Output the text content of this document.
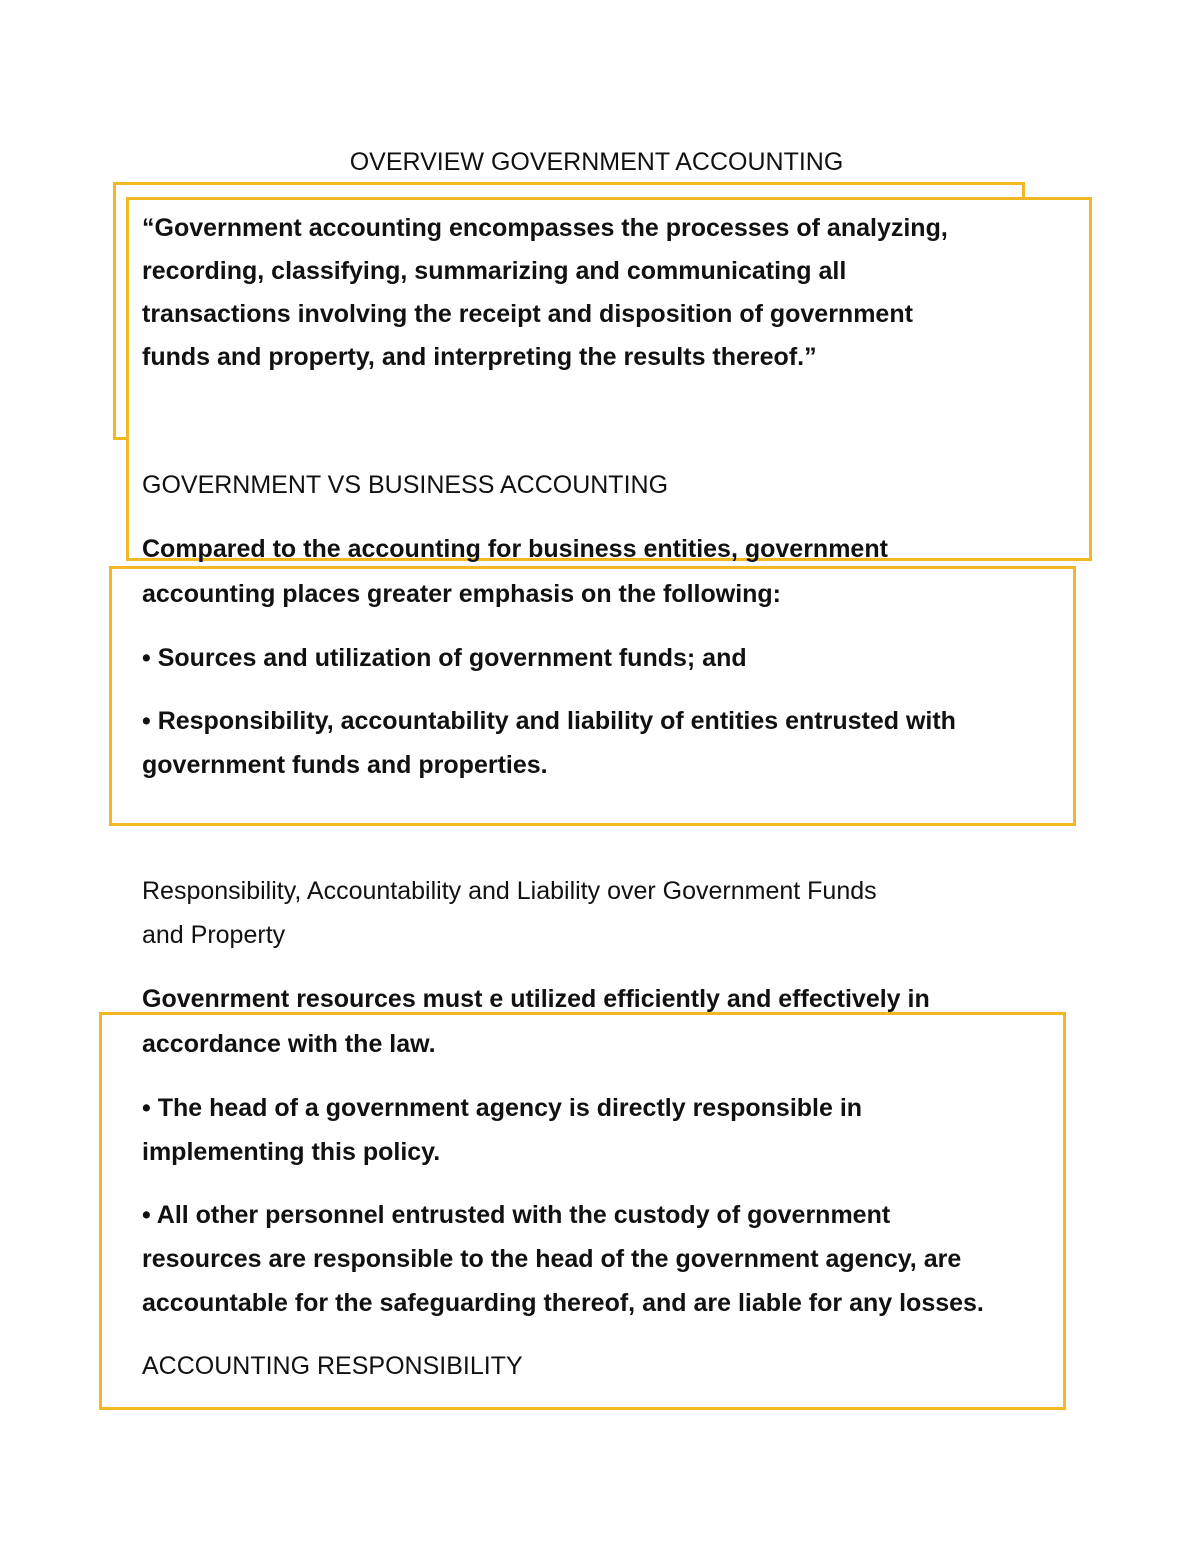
OVERVIEW GOVERNMENT ACCOUNTING
“Government accounting encompasses the processes of analyzing,
recording, classifying, summarizing and communicating all
transactions involving the receipt and disposition of government
funds and property, and interpreting the results thereof.”
GOVERNMENT VS BUSINESS ACCOUNTING
Compared to the accounting for business entities, government
accounting places greater emphasis on the following:
• Sources and utilization of government funds; and
• Responsibility, accountability and liability of entities entrusted with
government funds and properties.
Responsibility, Accountability and Liability over Government Funds
and Property
Govenrment resources must e utilized efficiently and effectively in
accordance with the law.
• The head of a government agency is directly responsible in
implementing this policy.
• All other personnel entrusted with the custody of government
resources are responsible to the head of the government agency, are
accountable for the safeguarding thereof, and are liable for any losses.
ACCOUNTING RESPONSIBILITY
